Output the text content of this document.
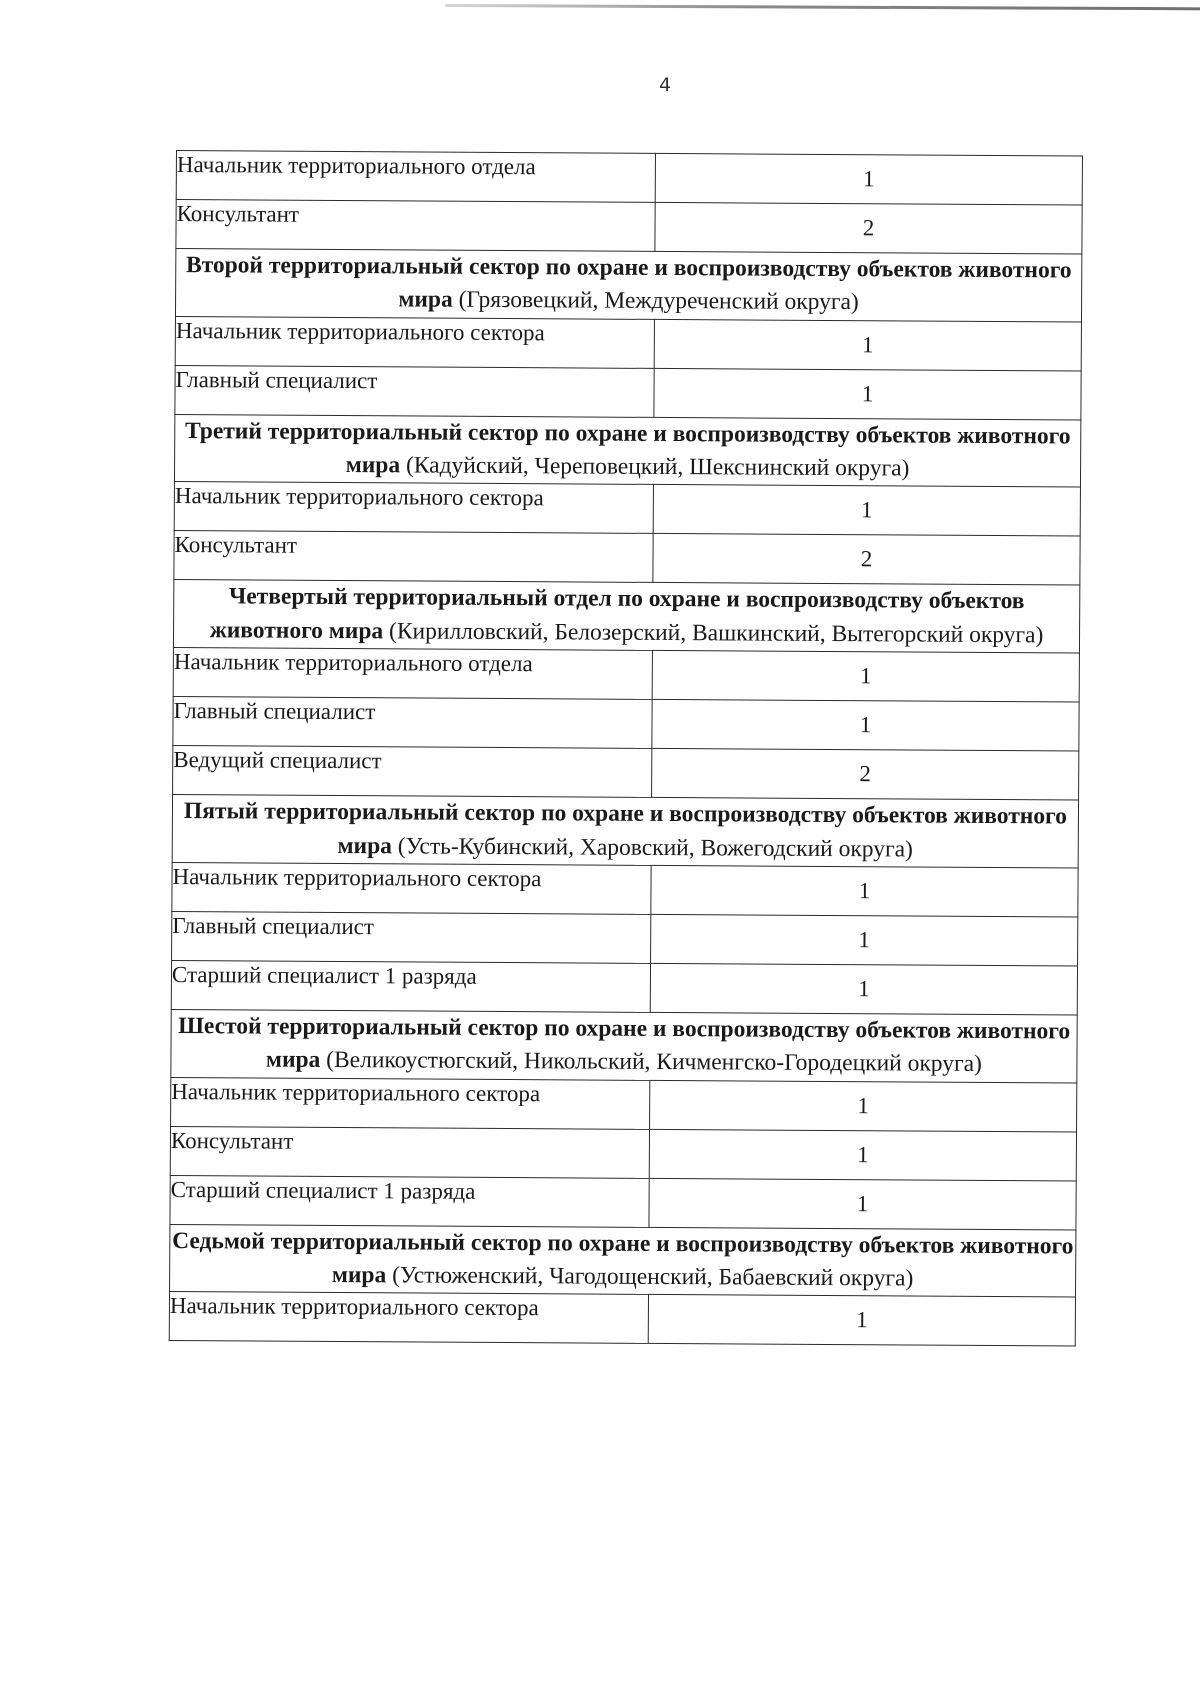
4
Начальник территориального отдела	1
Консультант	2
Второй территориальный сектор по охране и воспроизводству объектов животного мира (Грязовецкий, Междуреченский округа)	
Начальник территориального сектора	1
Главный специалист	1
Третий территориальный сектор по охране и воспроизводству объектов животного мира (Кадуйский, Череповецкий, Шекснинский округа)	
Начальник территориального сектора	1
Консультант	2
Четвертый территориальный отдел по охране и воспроизводству объектов животного мира (Кирилловский, Белозерский, Вашкинский, Вытегорский округа)	
Начальник территориального отдела	1
Главный специалист	1
Ведущий специалист	2
Пятый территориальный сектор по охране и воспроизводству объектов животного мира (Усть-Кубинский, Харовский, Вожегодский округа)	
Начальник территориального сектора	1
Главный специалист	1
Старший специалист 1 разряда	1
Шестой территориальный сектор по охране и воспроизводству объектов животного мира (Великоустюгский, Никольский, Кичменгско-Городецкий округа)	
Начальник территориального сектора	1
Консультант	1
Старший специалист 1 разряда	1
Седьмой территориальный сектор по охране и воспроизводству объектов животного мира (Устюженский, Чагодощенский, Бабаевский округа)	
Начальник территориального сектора	1
